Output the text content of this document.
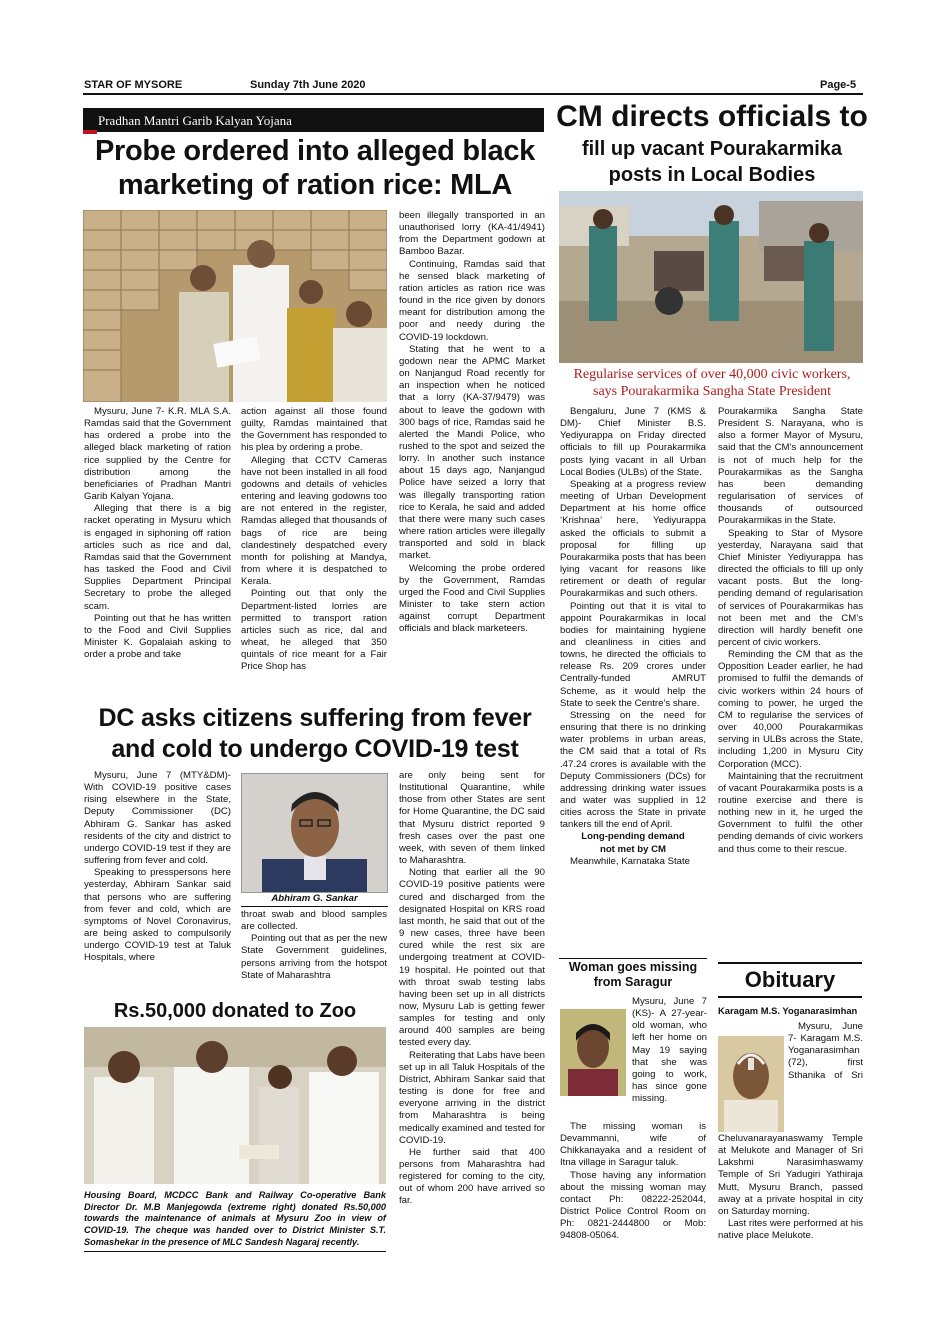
STAR OF MYSORE	Sunday 7th June 2020	Page-5
Pradhan Mantri Garib Kalyan Yojana
Probe ordered into alleged black
marketing of ration rice: MLA

Mysuru, June 7- K.R. MLA S.A. Ramdas said that the Government has ordered a probe into the alleged black marketing of ration rice supplied by the Centre for distribution among the beneficiaries of Pradhan Mantri Garib Kalyan Yojana.

Alleging that there is a big racket operating in Mysuru which is engaged in siphoning off ration articles such as rice and dal, Ramdas said that the Government has tasked the Food and Civil Supplies Department Principal Secretary to probe the alleged scam.

Pointing out that he has written to the Food and Civil Supplies Minister K. Gopalaiah asking to order a probe and take

action against all those found guilty, Ramdas maintained that the Government has responded to his plea by ordering a probe.

Alleging that CCTV Cameras have not been installed in all food godowns and details of vehicles entering and leaving godowns too are not entered in the register, Ramdas alleged that thousands of bags of rice are being clandestinely despatched every month for polishing at Mandya, from where it is despatched to Kerala.

Pointing out that only the Department-listed lorries are permitted to transport ration articles such as rice, dal and wheat, he alleged that 350 quintals of rice meant for a Fair Price Shop has

been illegally transported in an unauthorised lorry (KA-41/4941) from the Department godown at Bamboo Bazar.

Continuing, Ramdas said that he sensed black marketing of ration articles as ration rice was found in the rice given by donors meant for distribution among the poor and needy during the COVID-19 lockdown.

Stating that he went to a godown near the APMC Market on Nanjangud Road recently for an inspection when he noticed that a lorry (KA-37/9479) was about to leave the godown with 300 bags of rice, Ramdas said he alerted the Mandi Police, who rushed to the spot and seized the lorry. In another such instance about 15 days ago, Nanjangud Police have seized a lorry that was illegally transporting ration rice to Kerala, he said and added that there were many such cases where ration articles were illegally transported and sold in black market.

Welcoming the probe ordered by the Government, Ramdas urged the Food and Civil Supplies Minister to take stern action against corrupt Department officials and black marketeers.

CM directs officials to
fill up vacant Pourakarmika
posts in Local Bodies
Regularise services of over 40,000 civic workers,
says Pourakarmika Sangha State President

Bengaluru, June 7 (KMS & DM)- Chief Minister B.S. Yediyurappa on Friday directed officials to fill up Pourakarmika posts lying vacant in all Urban Local Bodies (ULBs) of the State.

Speaking at a progress review meeting of Urban Development Department at his home office ‘Krishnaa’ here, Yediyurappa asked the officials to submit a proposal for filling up Pourakarmika posts that has been lying vacant for reasons like retirement or death of regular Pourakarmikas and such others.

Pointing out that it is vital to appoint Pourakarmikas in local bodies for maintaining hygiene and cleanliness in cities and towns, he directed the officials to release Rs. 209 crores under Centrally-funded AMRUT Scheme, as it would help the State to seek the Centre’s share.

Stressing on the need for ensuring that there is no drinking water problems in urban areas, the CM said that a total of Rs .47.24 crores is available with the Deputy Commissioners (DCs) for addressing drinking water issues and water was supplied in 12 cities across the State in private tankers till the end of April.

Long-pending demand
not met by CM

Meanwhile, Karnataka State

Pourakarmika Sangha State President S. Narayana, who is also a former Mayor of Mysuru, said that the CM’s announcement is not of much help for the Pourakarmikas as the Sangha has been demanding regularisation of services of thousands of outsourced Pourakarmikas in the State.

Speaking to Star of Mysore yesterday, Narayana said that Chief Minister Yediyurappa has directed the officials to fill up only vacant posts. But the long-pending demand of regularisation of services of Pourakarmikas has not been met and the CM’s direction will hardly benefit one percent of civic workers.

Reminding the CM that as the Opposition Leader earlier, he had promised to fulfil the demands of civic workers within 24 hours of coming to power, he urged the CM to regularise the services of over 40,000 Pourakarmikas serving in ULBs across the State, including 1,200 in Mysuru City Corporation (MCC).

Maintaining that the recruitment of vacant Pourakarmika posts is a routine exercise and there is nothing new in it, he urged the Government to fulfil the other pending demands of civic workers and thus come to their rescue.

DC asks citizens suffering from fever
and cold to undergo COVID-19 test

Mysuru, June 7 (MTY&DM)- With COVID-19 positive cases rising elsewhere in the State, Deputy Commissioner (DC) Abhiram G. Sankar has asked residents of the city and district to undergo COVID-19 test if they are suffering from fever and cold.

Speaking to presspersons here yesterday, Abhiram Sankar said that persons who are suffering from fever and cold, which are symptoms of Novel Coronavirus, are being asked to compulsorily undergo COVID-19 test at Taluk Hospitals, where

Abhiram G. Sankar

throat swab and blood samples are collected.

Pointing out that as per the new State Government guidelines, persons arriving from the hotspot State of Maharashtra

are only being sent for Institutional Quarantine, while those from other States are sent for Home Quarantine, the DC said that Mysuru district reported 9 fresh cases over the past one week, with seven of them linked to Maharashtra.

Noting that earlier all the 90 COVID-19 positive patients were cured and discharged from the designated Hospital on KRS road last month, he said that out of the 9 new cases, three have been cured while the rest six are undergoing treatment at COVID-19 hospital. He pointed out that with throat swab testing labs having been set up in all districts now, Mysuru Lab is getting fewer samples for testing and only around 400 samples are being tested every day.

Reiterating that Labs have been set up in all Taluk Hospitals of the District, Abhiram Sankar said that testing is done for free and everyone arriving in the district from Maharashtra is being medically examined and tested for COVID-19.

He further said that 400 persons from Maharashtra had registered for coming to the city, out of whom 200 have arrived so far.

Rs.50,000 donated to Zoo
Housing Board, MCDCC Bank and Railway Co-operative Bank Director Dr. M.B Manjegowda (extreme right) donated Rs.50,000 towards the maintenance of animals at Mysuru Zoo in view of COVID-19. The cheque was handed over to District Minister S.T. Somashekar in the presence of MLC Sandesh Nagaraj recently.
Woman goes missing
from Saragur

Mysuru, June 7 (KS)- A 27-year-old woman, who left her home on May 19 saying that she was going to work, has since gone missing.

The missing woman is Devammanni, wife of Chikkanayaka and a resident of Itna village in Saragur taluk.

Those having any information about the missing woman may contact Ph: 08222-252044, District Police Control Room on Ph: 0821-2444800 or Mob: 94808-05064.

Obituary
Karagam M.S. Yoganarasimhan

Mysuru, June 7- Karagam M.S. Yoganarasimhan (72), first Sthanika of Sri Cheluvanarayanaswamy Temple at Melukote and Manager of Sri Lakshmi Narasimhaswamy Temple of Sri Yadugiri Yathiraja Mutt, Mysuru Branch, passed away at a private hospital in city on Saturday morning.

Last rites were performed at his native place Melukote.
